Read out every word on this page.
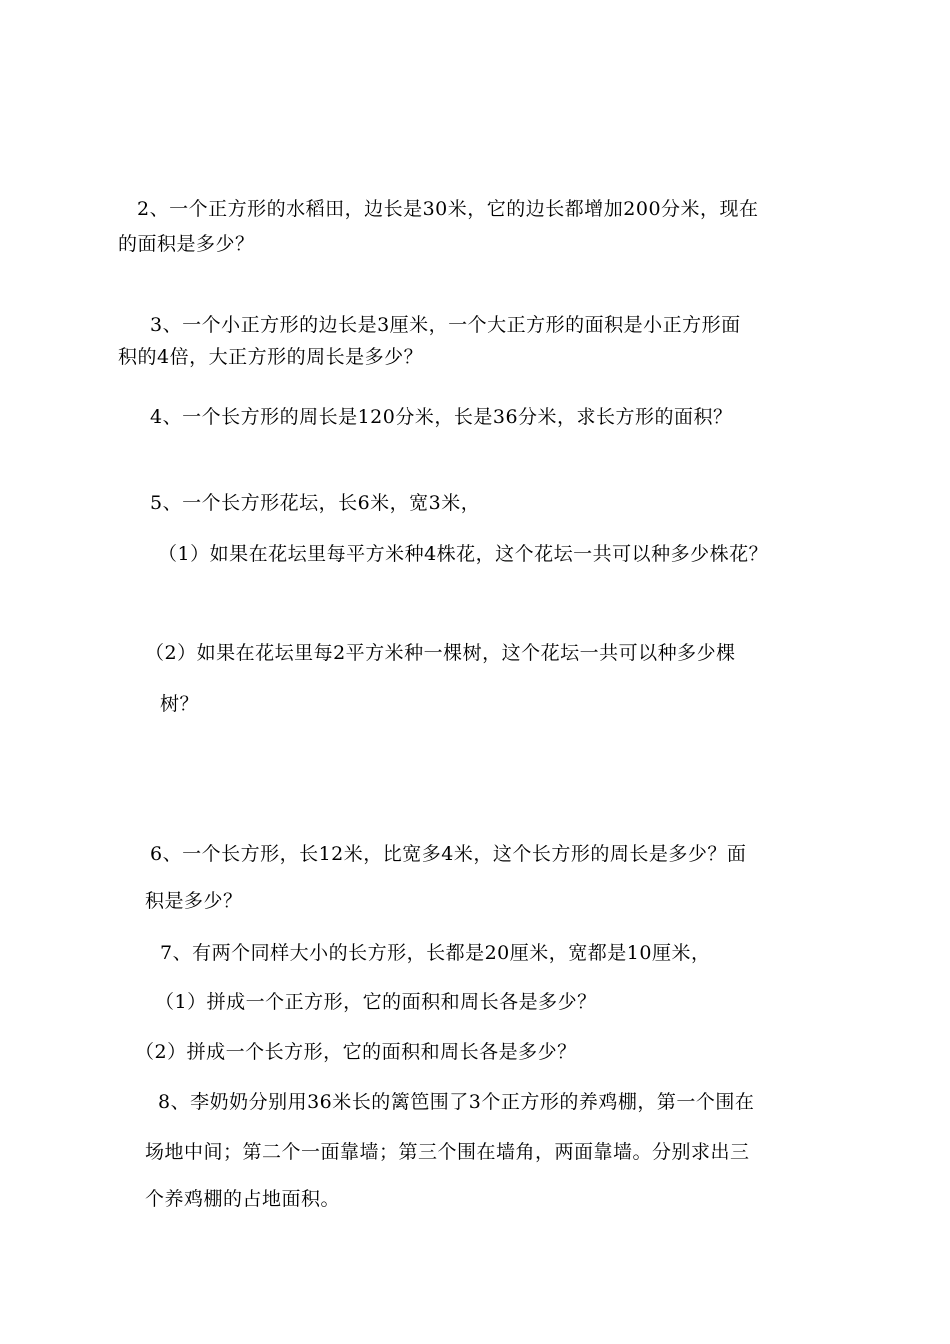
2、一个正方形的水稻田，边长是30米，它的边长都增加200分米，现在
的面积是多少？
3、一个小正方形的边长是3厘米，一个大正方形的面积是小正方形面
积的4倍，大正方形的周长是多少？
4、一个长方形的周长是120分米，长是36分米，求长方形的面积？
5、一个长方形花坛，长6米，宽3米，
（1）如果在花坛里每平方米种4株花，这个花坛一共可以种多少株花？
（2）如果在花坛里每2平方米种一棵树，这个花坛一共可以种多少棵
树？
6、一个长方形，长12米，比宽多4米，这个长方形的周长是多少？面
积是多少？
7、有两个同样大小的长方形，长都是20厘米，宽都是10厘米，
（1）拼成一个正方形，它的面积和周长各是多少？
（2）拼成一个长方形，它的面积和周长各是多少？
8、李奶奶分别用36米长的篱笆围了3个正方形的养鸡棚，第一个围在
场地中间；第二个一面靠墙；第三个围在墙角，两面靠墙。分别求出三
个养鸡棚的占地面积。
